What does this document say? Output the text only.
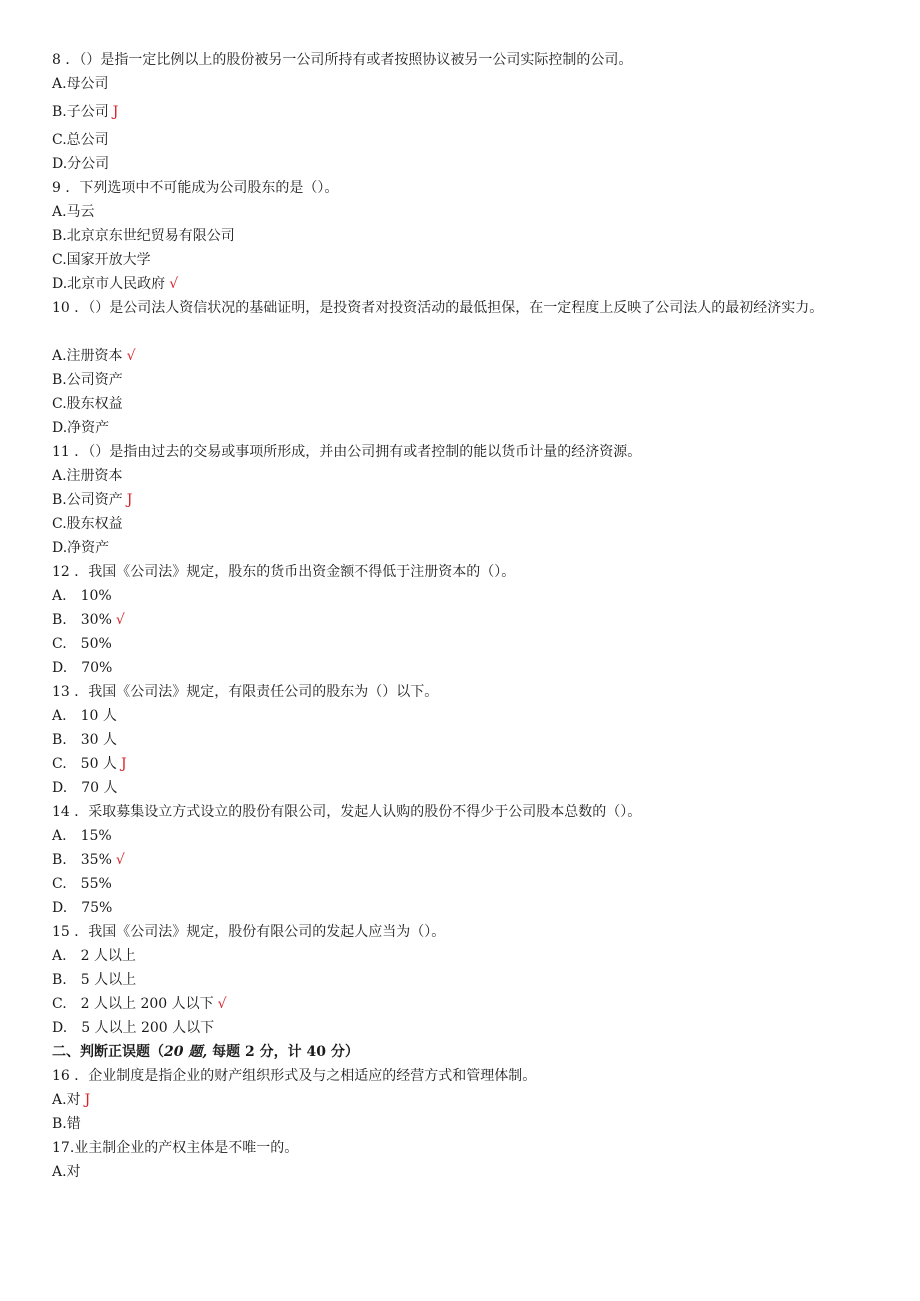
8 ．（）是指一定比例以上的股份被另一公司所持有或者按照协议被另一公司实际控制的公司。
A.母公司
B.子公司 J
C.总公司
D.分公司
9 ．下列选项中不可能成为公司股东的是（）。
A.马云
B.北京京东世纪贸易有限公司
C.国家开放大学
D.北京市人民政府 √
10 ．（）是公司法人资信状况的基础证明，是投资者对投资活动的最低担保，在一定程度上反映了公司法人的最初经济实力。
A.注册资本 √
B.公司资产
C.股东权益
D.净资产
11 ．（）是指由过去的交易或事项所形成，并由公司拥有或者控制的能以货币计量的经济资源。
A.注册资本
B.公司资产 J
C.股东权益
D.净资产
12 ．我国《公司法》规定，股东的货币出资金额不得低于注册资本的（）。
A. 10%
B. 30% √
C. 50%
D. 70%
13 ．我国《公司法》规定，有限责任公司的股东为（）以下。
A. 10 人
B. 30 人
C. 50 人 J
D. 70 人
14 ．采取募集设立方式设立的股份有限公司，发起人认购的股份不得少于公司股本总数的（）。
A. 15%
B. 35% √
C. 55%
D. 75%
15 ．我国《公司法》规定，股份有限公司的发起人应当为（）。
A. 2 人以上
B. 5 人以上
C. 2 人以上 200 人以下 √
D. 5 人以上 200 人以下
二、判断正误题（20 题, 每题 2 分，计 40 分）
16 ．企业制度是指企业的财产组织形式及与之相适应的经营方式和管理体制。
A.对 J
B.错
17.业主制企业的产权主体是不唯一的。
A.对
